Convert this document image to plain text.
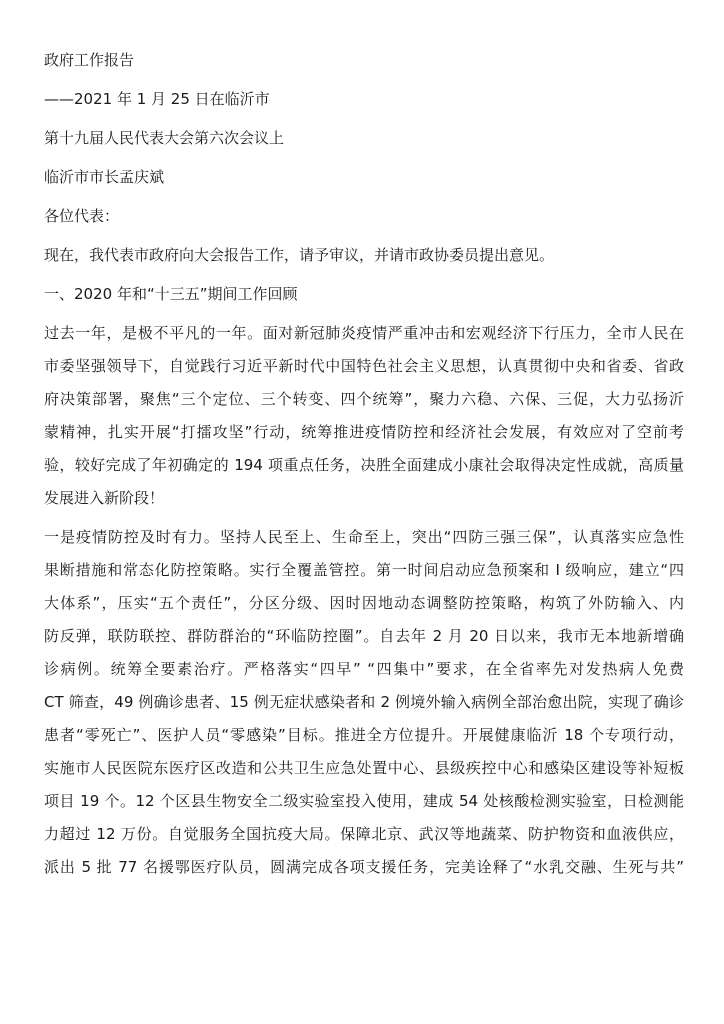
政府工作报告
——2021 年 1 月 25 日在临沂市
第十九届人民代表大会第六次会议上
临沂市市长孟庆斌
各位代表：
现在，我代表市政府向大会报告工作，请予审议，并请市政协委员提出意见。
一、2020 年和“十三五”期间工作回顾
过去一年，是极不平凡的一年。面对新冠肺炎疫情严重冲击和宏观经济下行压力，全市人民在
市委坚强领导下，自觉践行习近平新时代中国特色社会主义思想，认真贯彻中央和省委、省政
府决策部署，聚焦“三个定位、三个转变、四个统筹”，聚力六稳、六保、三促，大力弘扬沂
蒙精神，扎实开展“打擂攻坚”行动，统筹推进疫情防控和经济社会发展，有效应对了空前考
验，较好完成了年初确定的 194 项重点任务，决胜全面建成小康社会取得决定性成就，高质量
发展进入新阶段！
一是疫情防控及时有力。坚持人民至上、生命至上，突出“四防三强三保”，认真落实应急性
果断措施和常态化防控策略。实行全覆盖管控。第一时间启动应急预案和 I 级响应，建立“四
大体系”，压实“五个责任”，分区分级、因时因地动态调整防控策略，构筑了外防输入、内
防反弹，联防联控、群防群治的“环临防控圈”。自去年 2 月 20 日以来，我市无本地新增确
诊病例。统筹全要素治疗。严格落实“四早” “四集中”要求，在全省率先对发热病人免费
CT 筛查，49 例确诊患者、15 例无症状感染者和 2 例境外输入病例全部治愈出院，实现了确诊
患者“零死亡”、医护人员“零感染”目标。推进全方位提升。开展健康临沂 18 个专项行动，
实施市人民医院东医疗区改造和公共卫生应急处置中心、县级疾控中心和感染区建设等补短板
项目 19 个。12 个区县生物安全二级实验室投入使用，建成 54 处核酸检测实验室，日检测能
力超过 12 万份。自觉服务全国抗疫大局。保障北京、武汉等地蔬菜、防护物资和血液供应，
派出 5 批 77 名援鄂医疗队员，圆满完成各项支援任务，完美诠释了“水乳交融、生死与共”
